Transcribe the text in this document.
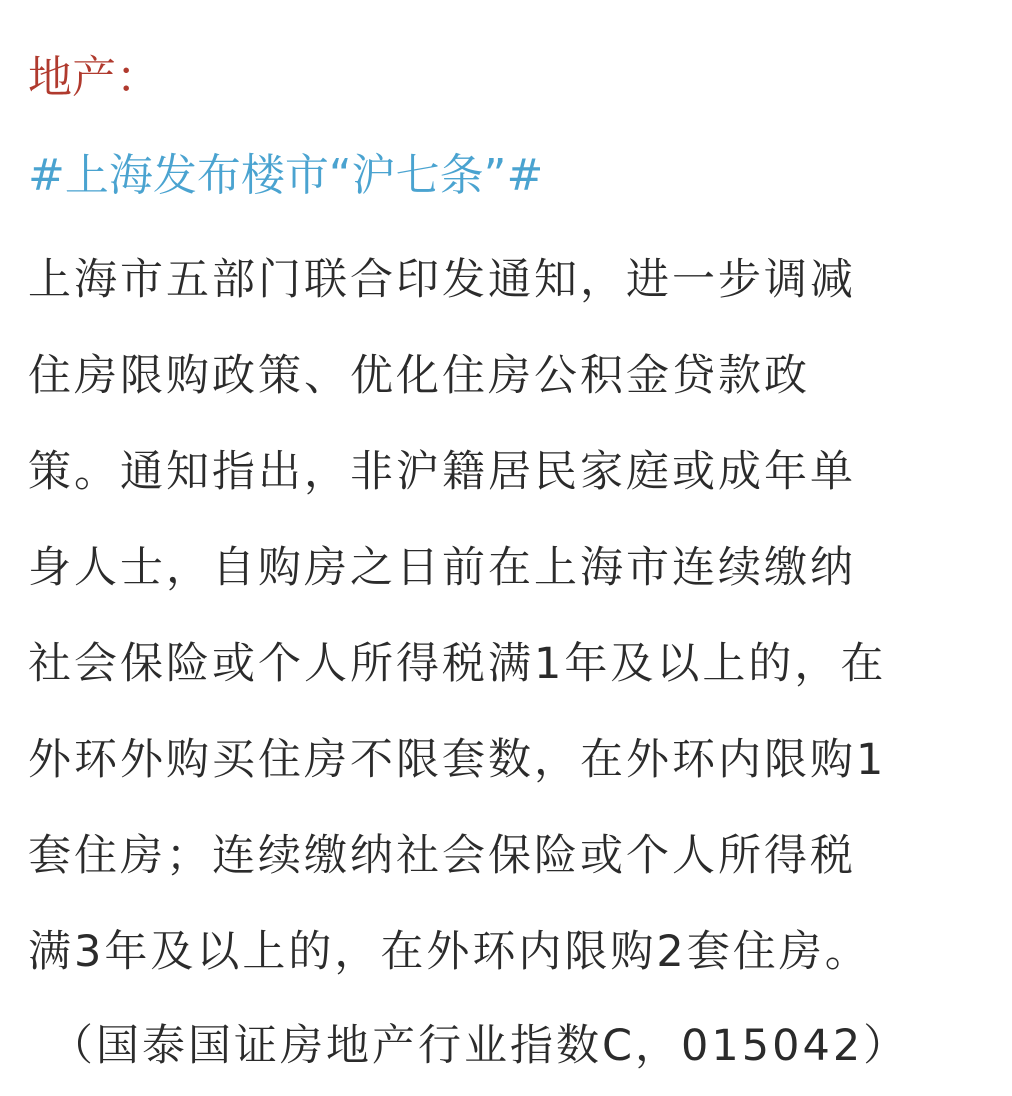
地产：
#上海发布楼市“沪七条”#
上海市五部门联合印发通知，进一步调减
住房限购政策、优化住房公积金贷款政
策。通知指出，非沪籍居民家庭或成年单
身人士，自购房之日前在上海市连续缴纳
社会保险或个人所得税满1年及以上的，在
外环外购买住房不限套数，在外环内限购1
套住房；连续缴纳社会保险或个人所得税
满3年及以上的，在外环内限购2套住房。
（国泰国证房地产行业指数C，015042）
